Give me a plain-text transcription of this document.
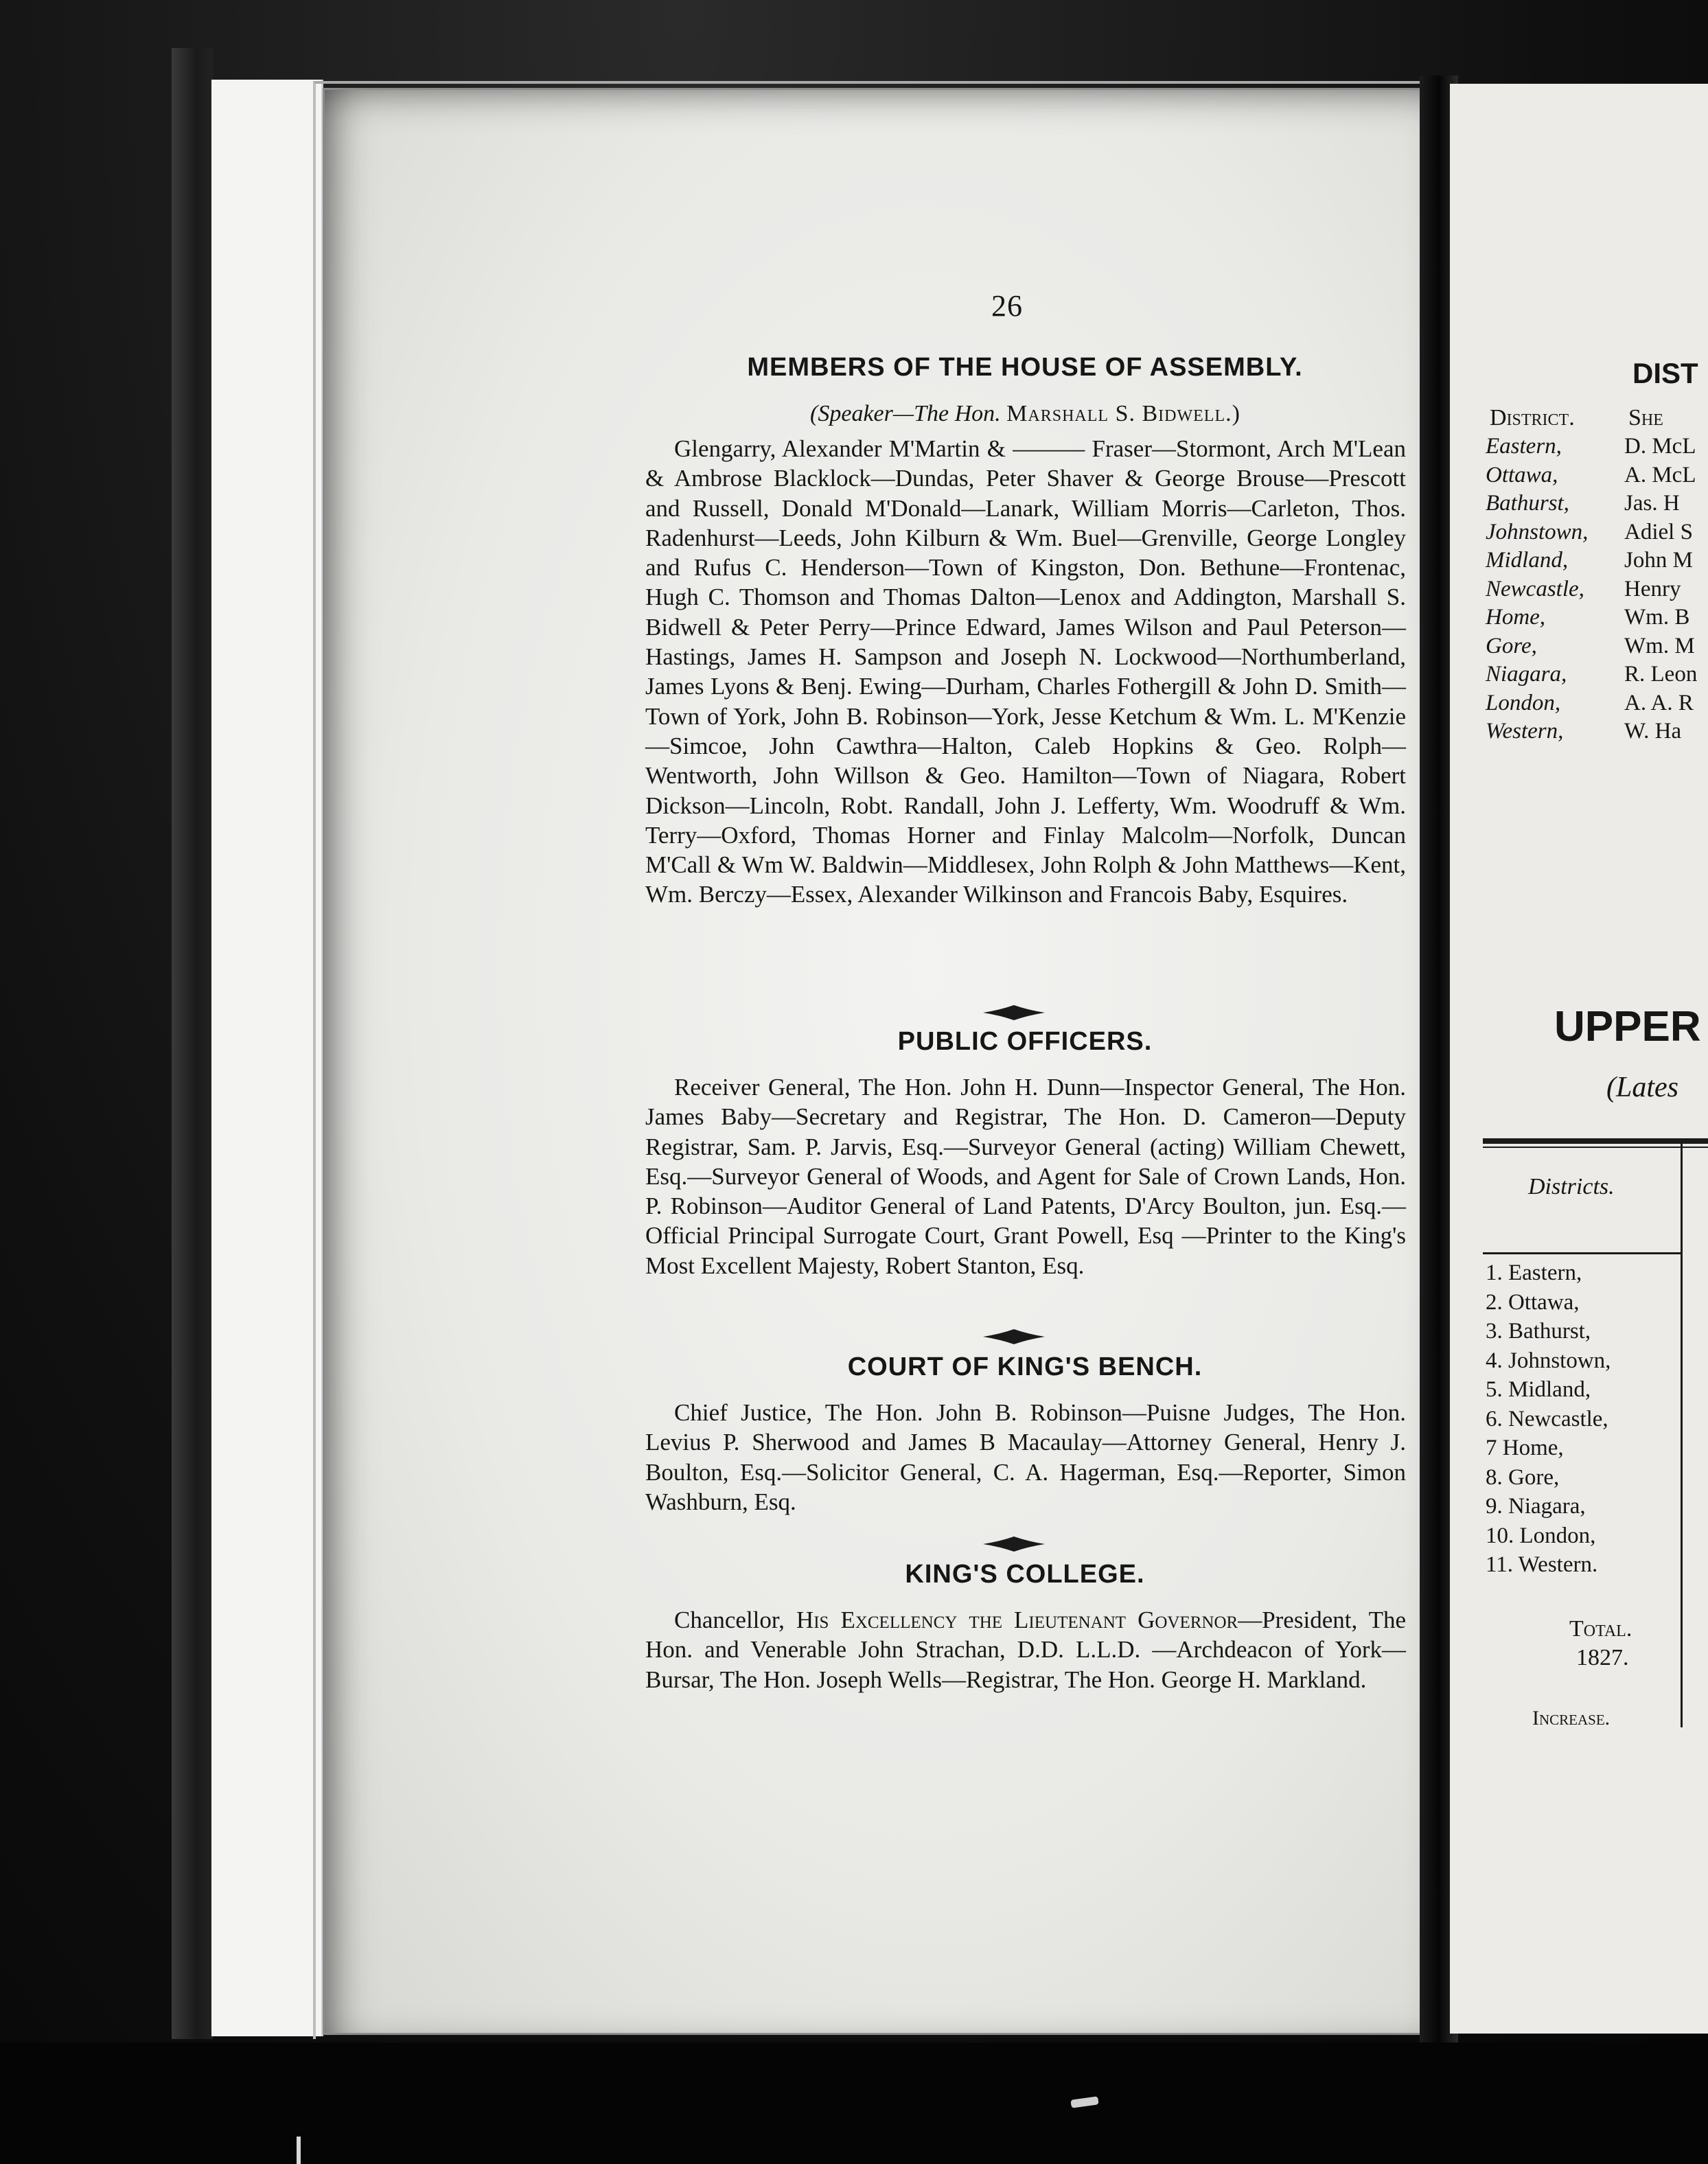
26
MEMBERS OF THE HOUSE OF ASSEMBLY.
(Speaker—The Hon. Marshall S. Bidwell.)

Glengarry, Alexander M'Martin & ——— Fraser—Stormont, Arch M'Lean & Ambrose Blacklock—Dundas, Peter Shaver & George Brouse—Prescott and Russell, Donald M'Donald—Lanark, William Morris—Carleton, Thos. Radenhurst—Leeds, John Kilburn & Wm. Buel—Grenville, George Longley and Rufus C. Henderson—Town of Kingston, Don. Bethune—Frontenac, Hugh C. Thomson and Thomas Dalton—Lenox and Addington, Marshall S. Bidwell & Peter Perry—Prince Edward, James Wilson and Paul Peterson—Hastings, James H. Sampson and Joseph N. Lockwood—Northumberland, James Lyons & Benj. Ewing—Durham, Charles Fothergill & John D. Smith—Town of York, John B. Robinson—York, Jesse Ketchum & Wm. L. M'Kenzie—Simcoe, John Cawthra—Halton, Caleb Hopkins & Geo. Rolph—Wentworth, John Willson & Geo. Hamilton—Town of Niagara, Robert Dickson—Lincoln, Robt. Randall, John J. Lefferty, Wm. Woodruff & Wm. Terry—Oxford, Thomas Horner and Finlay Malcolm—Norfolk, Duncan M'Call & Wm W. Baldwin—Middlesex, John Rolph & John Matthews—Kent, Wm. Berczy—Essex, Alexander Wilkinson and Francois Baby, Esquires.

PUBLIC OFFICERS.

Receiver General, The Hon. John H. Dunn—Inspector General, The Hon. James Baby—Secretary and Registrar, The Hon. D. Cameron—Deputy Registrar, Sam. P. Jarvis, Esq.—Surveyor General (acting) William Chewett, Esq.—Surveyor General of Woods, and Agent for Sale of Crown Lands, Hon. P. Robinson—Auditor General of Land Patents, D'Arcy Boulton, jun. Esq.—Official Principal Surrogate Court, Grant Powell, Esq —Printer to the King's Most Excellent Majesty, Robert Stanton, Esq.

COURT OF KING'S BENCH.

Chief Justice, The Hon. John B. Robinson—Puisne Judges, The Hon. Levius P. Sherwood and James B Macaulay—Attorney General, Henry J. Boulton, Esq.—Solicitor General, C. A. Hagerman, Esq.—Reporter, Simon Washburn, Esq.

KING'S COLLEGE.

Chancellor, His Excellency the Lieutenant Governor—President, The Hon. and Venerable John Strachan, D.D. L.L.D. —Archdeacon of York—Bursar, The Hon. Joseph Wells—Registrar, The Hon. George H. Markland.

DIST
District. She
Eastern,
Ottawa,
Bathurst,
Johnstown,
Midland,
Newcastle,
Home,
Gore,
Niagara,
London,
Western,
D. McL
A. McL
Jas. H
Adiel S
John M
Henry
Wm. B
Wm. M
R. Leon
A. A. R
W. Ha
UPPER
(Lates
Districts.
1. Eastern,
2. Ottawa,
3. Bathurst,
4. Johnstown,
5. Midland,
6. Newcastle,
7 Home,
8. Gore,
9. Niagara,
10. London,
11. Western.
Total.
1827.
Increase.
